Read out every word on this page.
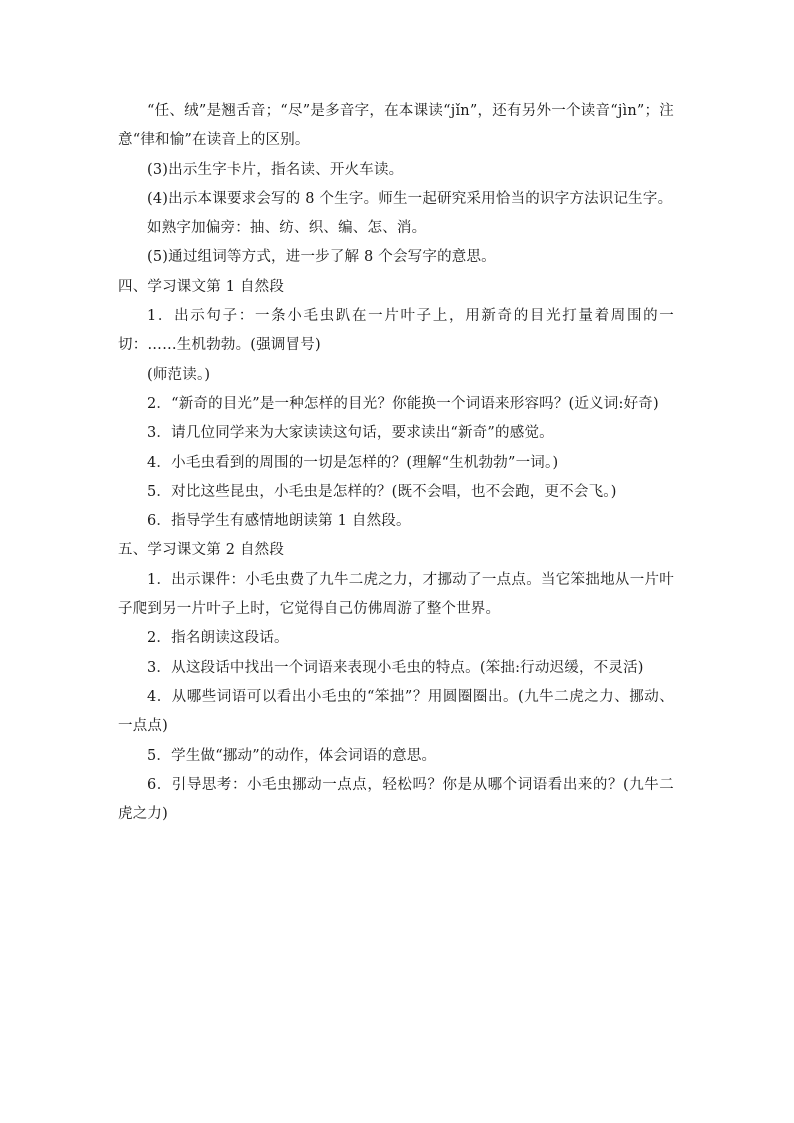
“任、绒”是翘舌音；“尽”是多音字，在本课读“jǐn”，还有另外一个读音“jìn”；注意“律和愉”在读音上的区别。

(3)出示生字卡片，指名读、开火车读。

(4)出示本课要求会写的 8 个生字。师生一起研究采用恰当的识字方法识记生字。

如熟字加偏旁：抽、纺、织、编、怎、消。

(5)通过组词等方式，进一步了解 8 个会写字的意思。

四、学习课文第 1 自然段

1．出示句子：一条小毛虫趴在一片叶子上，用新奇的目光打量着周围的一切：……生机勃勃。(强调冒号)

(师范读。)

2．“新奇的目光”是一种怎样的目光？你能换一个词语来形容吗？(近义词:好奇)

3．请几位同学来为大家读读这句话，要求读出“新奇”的感觉。

4．小毛虫看到的周围的一切是怎样的？(理解“生机勃勃”一词。)

5．对比这些昆虫，小毛虫是怎样的？(既不会唱，也不会跑，更不会飞。)

6．指导学生有感情地朗读第 1 自然段。

五、学习课文第 2 自然段

1．出示课件：小毛虫费了九牛二虎之力，才挪动了一点点。当它笨拙地从一片叶子爬到另一片叶子上时，它觉得自己仿佛周游了整个世界。

2．指名朗读这段话。

3．从这段话中找出一个词语来表现小毛虫的特点。(笨拙:行动迟缓，不灵活)

4．从哪些词语可以看出小毛虫的“笨拙”？用圆圈圈出。(九牛二虎之力、挪动、一点点)

5．学生做“挪动”的动作，体会词语的意思。

6．引导思考：小毛虫挪动一点点，轻松吗？你是从哪个词语看出来的？(九牛二虎之力)
